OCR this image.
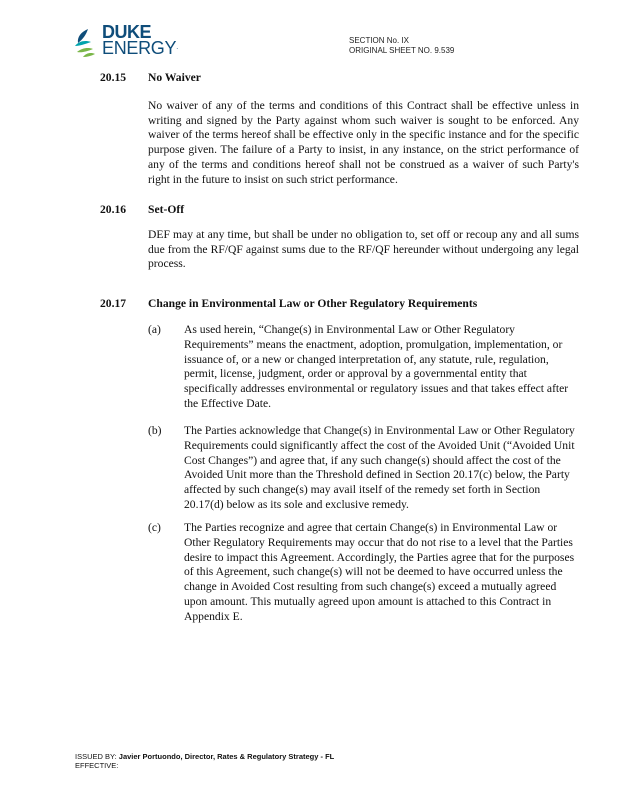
DUKE
ENERGY.
SECTION No. IX
ORIGINAL SHEET NO. 9.539
20.15 No Waiver

No waiver of any of the terms and conditions of this Contract shall be effective unless in writing and signed by the Party against whom such waiver is sought to be enforced. Any waiver of the terms hereof shall be effective only in the specific instance and for the specific purpose given. The failure of a Party to insist, in any instance, on the strict performance of any of the terms and conditions hereof shall not be construed as a waiver of such Party's right in the future to insist on such strict performance.

20.16 Set-Off

DEF may at any time, but shall be under no obligation to, set off or recoup any and all sums due from the RF/QF against sums due to the RF/QF hereunder without undergoing any legal process.

20.17 Change in Environmental Law or Other Regulatory Requirements
(a) As used herein, “Change(s) in Environmental Law or Other Regulatory Requirements” means the enactment, adoption, promulgation, implementation, or issuance of, or a new or changed interpretation of, any statute, rule, regulation, permit, license, judgment, order or approval by a governmental entity that specifically addresses environmental or regulatory issues and that takes effect after the Effective Date.

(b) The Parties acknowledge that Change(s) in Environmental Law or Other Regulatory Requirements could significantly affect the cost of the Avoided Unit (“Avoided Unit Cost Changes”) and agree that, if any such change(s) should affect the cost of the Avoided Unit more than the Threshold defined in Section 20.17(c) below, the Party affected by such change(s) may avail itself of the remedy set forth in Section 20.17(d) below as its sole and exclusive remedy.

(c) The Parties recognize and agree that certain Change(s) in Environmental Law or Other Regulatory Requirements may occur that do not rise to a level that the Parties desire to impact this Agreement. Accordingly, the Parties agree that for the purposes of this Agreement, such change(s) will not be deemed to have occurred unless the change in Avoided Cost resulting from such change(s) exceed a mutually agreed upon amount. This mutually agreed upon amount is attached to this Contract in Appendix E.

ISSUED BY: Javier Portuondo, Director, Rates & Regulatory Strategy - FL
EFFECTIVE:
